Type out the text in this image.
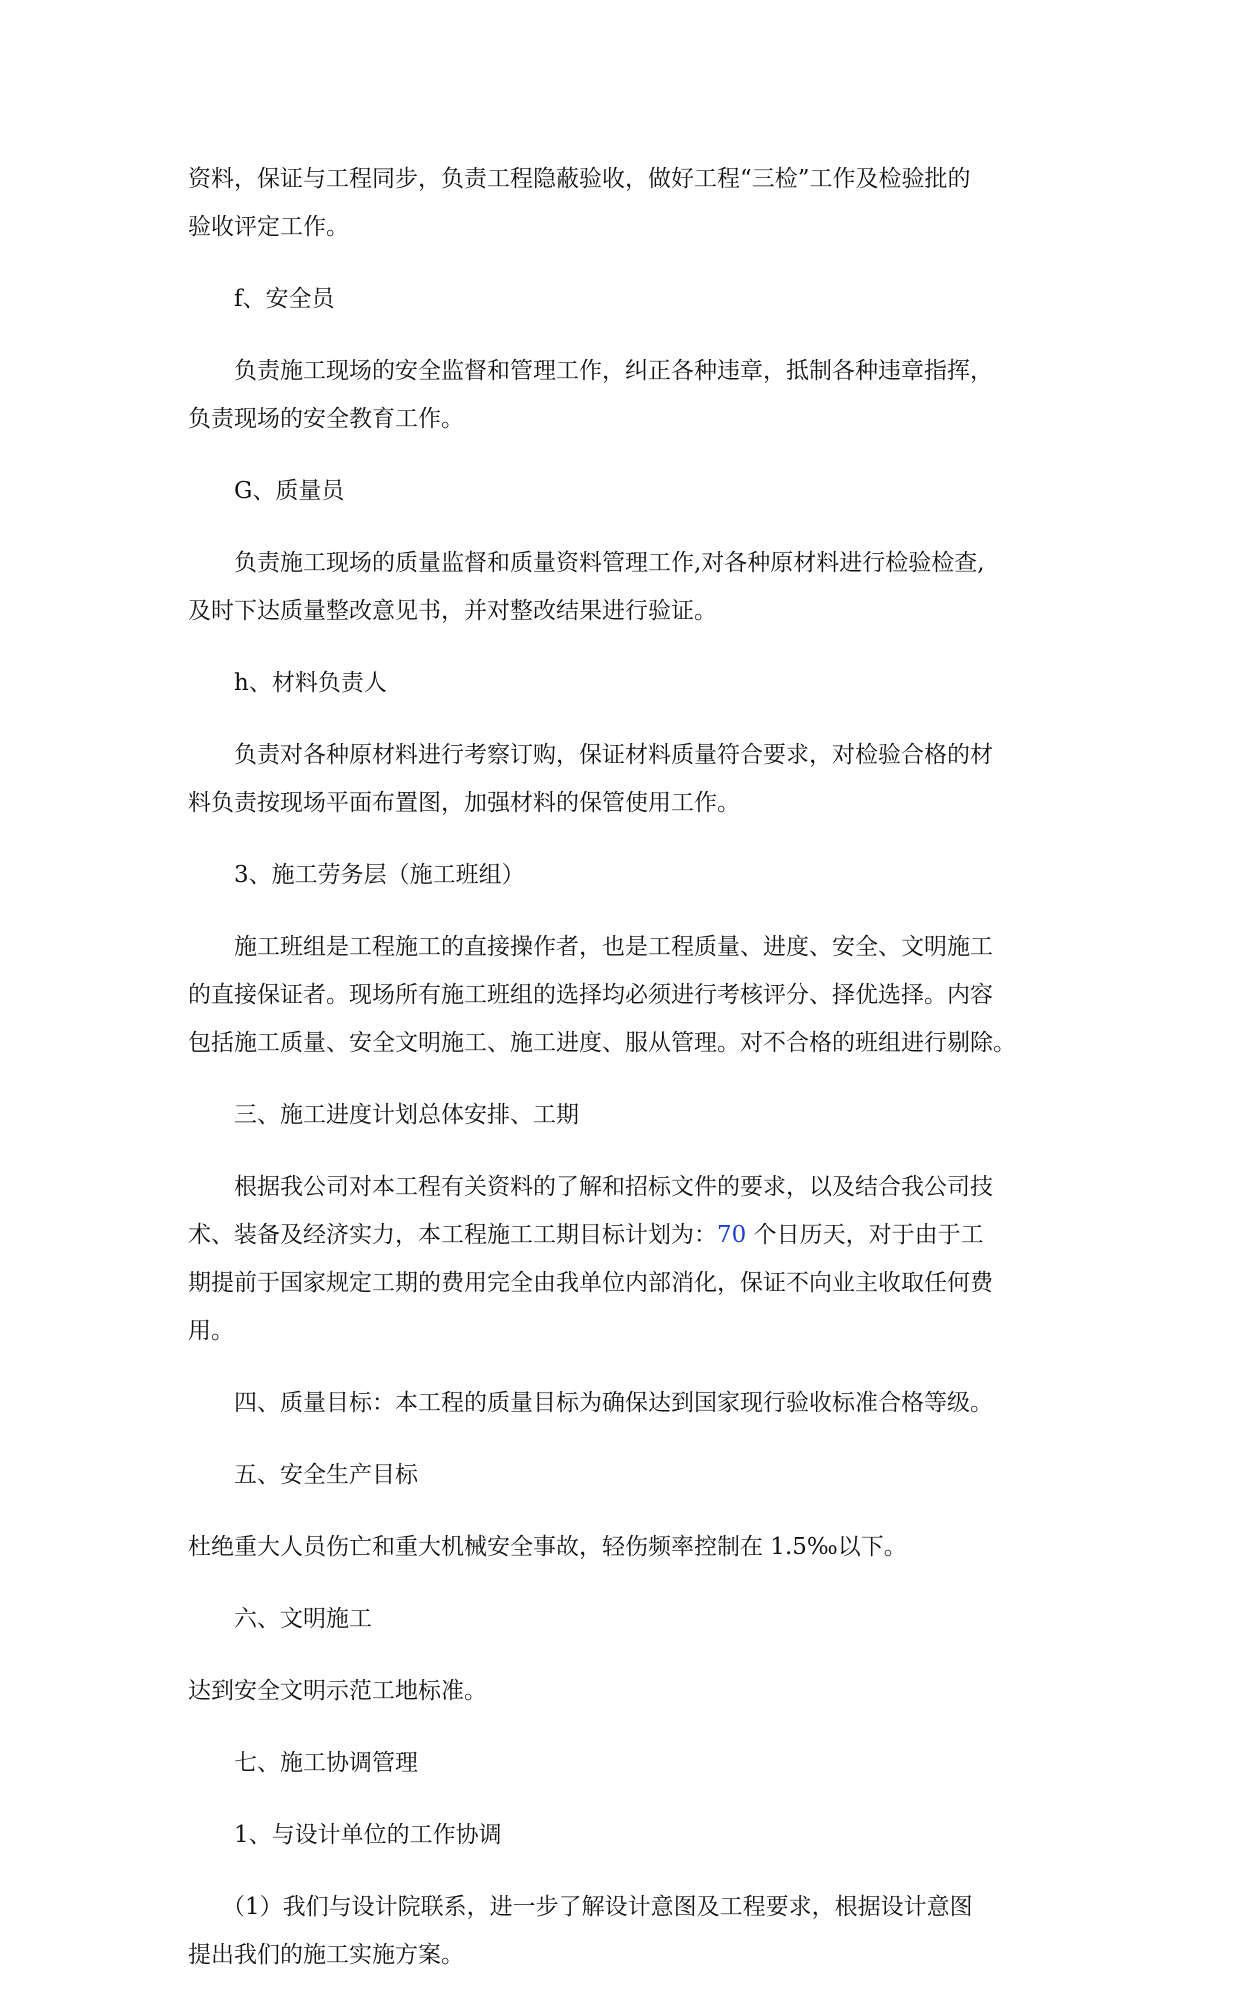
资料，保证与工程同步，负责工程隐蔽验收，做好工程“三检”工作及检验批的
验收评定工作。

f、安全员

负责施工现场的安全监督和管理工作，纠正各种违章，抵制各种违章指挥，
负责现场的安全教育工作。

G、质量员

负责施工现场的质量监督和质量资料管理工作,对各种原材料进行检验检查,
及时下达质量整改意见书，并对整改结果进行验证。

h、材料负责人

负责对各种原材料进行考察订购，保证材料质量符合要求，对检验合格的材
料负责按现场平面布置图，加强材料的保管使用工作。

3、施工劳务层（施工班组）

施工班组是工程施工的直接操作者，也是工程质量、进度、安全、文明施工
的直接保证者。现场所有施工班组的选择均必须进行考核评分、择优选择。内容
包括施工质量、安全文明施工、施工进度、服从管理。对不合格的班组进行剔除。

三、施工进度计划总体安排、工期

根据我公司对本工程有关资料的了解和招标文件的要求，以及结合我公司技
术、装备及经济实力，本工程施工工期目标计划为：70 个日历天，对于由于工
期提前于国家规定工期的费用完全由我单位内部消化，保证不向业主收取任何费
用。

四、质量目标：本工程的质量目标为确保达到国家现行验收标准合格等级。

五、安全生产目标

杜绝重大人员伤亡和重大机械安全事故，轻伤频率控制在 1.5‰以下。

六、文明施工

达到安全文明示范工地标准。

七、施工协调管理

1、与设计单位的工作协调

（1）我们与设计院联系，进一步了解设计意图及工程要求，根据设计意图
提出我们的施工实施方案。
